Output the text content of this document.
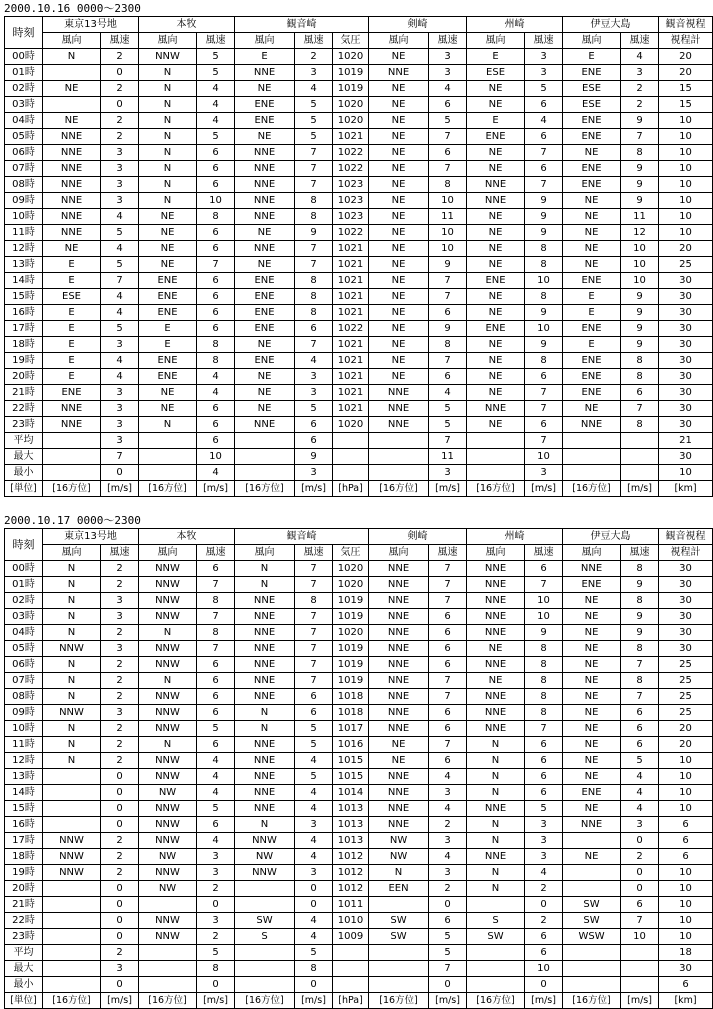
2000.10.16 0000～2300
時刻	東京13号地		本牧		観音崎			剣崎		州崎		伊豆大島		観音視程
	風向	風速	風向	風速	風向	風速	気圧	風向	風速	風向	風速	風向	風速	視程計
00時	N	2	NNW	5	E	2	1020	NE	3	E	3	E	4	20
01時		0	N	5	NNE	3	1019	NNE	3	ESE	3	ENE	3	20
02時	NE	2	N	4	NE	4	1019	NE	4	NE	5	ESE	2	15
03時		0	N	4	ENE	5	1020	NE	6	NE	6	ESE	2	15
04時	NE	2	N	4	ENE	5	1020	NE	5	E	4	ENE	9	10
05時	NNE	2	N	5	NE	5	1021	NE	7	ENE	6	ENE	7	10
06時	NNE	3	N	6	NNE	7	1022	NE	6	NE	7	NE	8	10
07時	NNE	3	N	6	NNE	7	1022	NE	7	NE	6	ENE	9	10
08時	NNE	3	N	6	NNE	7	1023	NE	8	NNE	7	ENE	9	10
09時	NNE	3	N	10	NNE	8	1023	NE	10	NNE	9	NE	9	10
10時	NNE	4	NE	8	NNE	8	1023	NE	11	NE	9	NE	11	10
11時	NNE	5	NE	6	NE	9	1022	NE	10	NE	9	NE	12	10
12時	NE	4	NE	6	NNE	7	1021	NE	10	NE	8	NE	10	20
13時	E	5	NE	7	NE	7	1021	NE	9	NE	8	NE	10	25
14時	E	7	ENE	6	ENE	8	1021	NE	7	ENE	10	ENE	10	30
15時	ESE	4	ENE	6	ENE	8	1021	NE	7	NE	8	E	9	30
16時	E	4	ENE	6	ENE	8	1021	NE	6	NE	9	E	9	30
17時	E	5	E	6	ENE	6	1022	NE	9	ENE	10	ENE	9	30
18時	E	3	E	8	NE	7	1021	NE	8	NE	9	E	9	30
19時	E	4	ENE	8	ENE	4	1021	NE	7	NE	8	ENE	8	30
20時	E	4	ENE	4	NE	3	1021	NE	6	NE	6	ENE	8	30
21時	ENE	3	NE	4	NE	3	1021	NNE	4	NE	7	ENE	6	30
22時	NNE	3	NE	6	NE	5	1021	NNE	5	NNE	7	NE	7	30
23時	NNE	3	N	6	NNE	6	1020	NNE	5	NE	6	NNE	8	30
平均		3		6		6			7		7			21
最大		7		10		9			11		10			30
最小		0		4		3			3		3			10
[単位]	[16方位]	[m/s]	[16方位]	[m/s]	[16方位]	[m/s]	[hPa]	[16方位]	[m/s]	[16方位]	[m/s]	[16方位]	[m/s]	[km]
2000.10.17 0000～2300
時刻	東京13号地		本牧		観音崎			剣崎		州崎		伊豆大島		観音視程
	風向	風速	風向	風速	風向	風速	気圧	風向	風速	風向	風速	風向	風速	視程計
00時	N	2	NNW	6	N	7	1020	NNE	7	NNE	6	NNE	8	30
01時	N	2	NNW	7	N	7	1020	NNE	7	NNE	7	ENE	9	30
02時	N	3	NNW	8	NNE	8	1019	NNE	7	NNE	10	NE	8	30
03時	N	3	NNW	7	NNE	7	1019	NNE	6	NNE	10	NE	9	30
04時	N	2	N	8	NNE	7	1020	NNE	6	NNE	9	NE	9	30
05時	NNW	3	NNW	7	NNE	7	1019	NNE	6	NE	8	NE	8	30
06時	N	2	NNW	6	NNE	7	1019	NNE	6	NNE	8	NE	7	25
07時	N	2	N	6	NNE	7	1019	NNE	7	NE	8	NE	8	25
08時	N	2	NNW	6	NNE	6	1018	NNE	7	NNE	8	NE	7	25
09時	NNW	3	NNW	6	N	6	1018	NNE	6	NNE	8	NE	6	25
10時	N	2	NNW	5	N	5	1017	NNE	6	NNE	7	NE	6	20
11時	N	2	N	6	NNE	5	1016	NE	7	N	6	NE	6	20
12時	N	2	NNW	4	NNE	4	1015	NE	6	N	6	NE	5	10
13時		0	NNW	4	NNE	5	1015	NNE	4	N	6	NE	4	10
14時		0	NW	4	NNE	4	1014	NNE	3	N	6	ENE	4	10
15時		0	NNW	5	NNE	4	1013	NNE	4	NNE	5	NE	4	10
16時		0	NNW	6	N	3	1013	NNE	2	N	3	NNE	3	6
17時	NNW	2	NNW	4	NNW	4	1013	NW	3	N	3		0	6
18時	NNW	2	NW	3	NW	4	1012	NW	4	NNE	3	NE	2	6
19時	NNW	2	NNW	3	NNW	3	1012	N	3	N	4		0	10
20時		0	NW	2		0	1012	EEN	2	N	2		0	10
21時		0		0		0	1011		0		0	SW	6	10
22時		0	NNW	3	SW	4	1010	SW	6	S	2	SW	7	10
23時		0	NNW	2	S	4	1009	SW	5	SW	6	WSW	10	10
平均		2		5		5			5		6			18
最大		3		8		8			7		10			30
最小		0		0		0			0		0			6
[単位]	[16方位]	[m/s]	[16方位]	[m/s]	[16方位]	[m/s]	[hPa]	[16方位]	[m/s]	[16方位]	[m/s]	[16方位]	[m/s]	[km]
